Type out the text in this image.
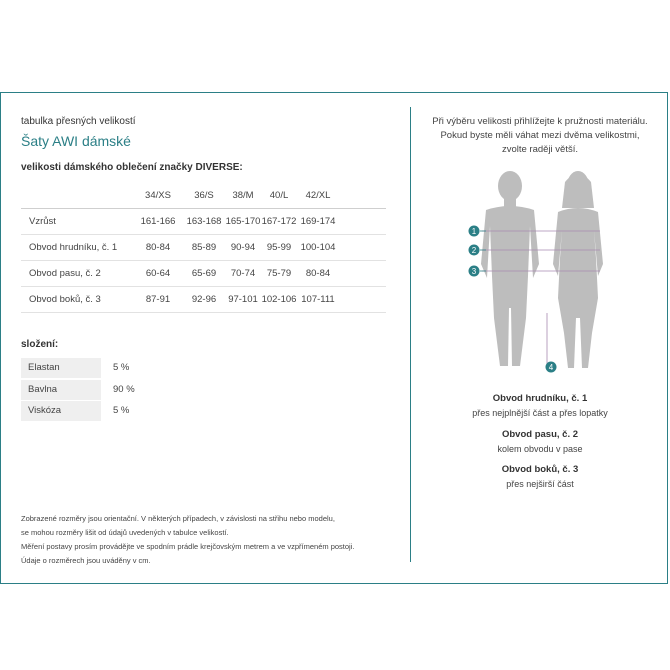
tabulka přesných velikostí
Šaty AWI dámské
velikosti dámského oblečení značky DIVERSE:
34/XS	36/S	38/M	40/L	42/XL
Vzrůst	161-166	163-168 165-170 167-172 169-174
Obvod hrudníku, č. 1	80-84	85-89	90-94	95-99 100-104
Obvod pasu, č. 2	60-64	65-69	70-74	75-79	80-84
Obvod boků, č. 3	87-91	92-96	97-101 102-106 107-111
složení:
Elastan	5 %
Bavlna	90 %
Viskóza	5 %
Zobrazené rozměry jsou orientační. V některých případech, v závislosti na střihu nebo modelu,
se mohou rozměry lišit od údajů uvedených v tabulce velikostí.
Měření postavy prosím provádějte ve spodním prádle krejčovským metrem a ve vzpřímeném postoji.
Údaje o rozměrech jsou uváděny v cm.
Při výběru velikosti přihlížejte k pružnosti materiálu.
Pokud byste měli váhat mezi dvěma velikostmi,
zvolte raději větší.
1
2
3
4
Obvod hrudníku, č. 1
přes nejplnější část a přes lopatky
Obvod pasu, č. 2
kolem obvodu v pase
Obvod boků, č. 3
přes nejširší část
